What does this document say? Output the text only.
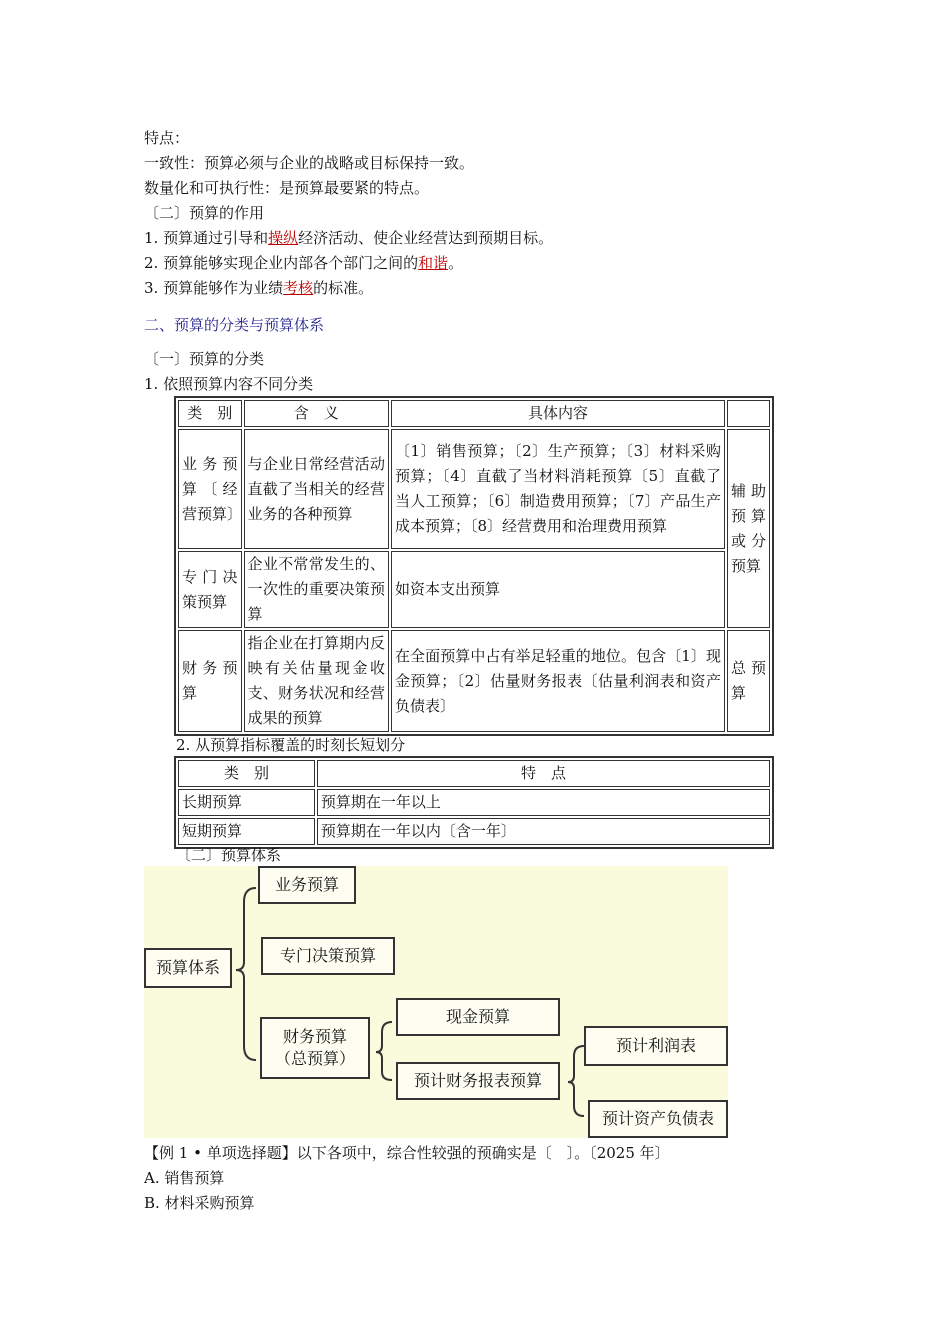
特点：
一致性：预算必须与企业的战略或目标保持一致。
数量化和可执行性：是预算最要紧的特点。
〔二〕预算的作用
1. 预算通过引导和操纵经济活动、使企业经营达到预期目标。
2. 预算能够实现企业内部各个部门之间的和谐。
3. 预算能够作为业绩考核的标准。
二、预算的分类与预算体系
〔一〕预算的分类
1. 依照预算内容不同分类
类　别	含　义	具体内容	
业务预算〔经营预算〕	与企业日常经营活动直截了当相关的经营业务的各种预算	〔1〕销售预算；〔2〕生产预算；〔3〕材料采购预算；〔4〕直截了当材料消耗预算〔5〕直截了当人工预算；〔6〕制造费用预算；〔7〕产品生产成本预算；〔8〕经营费用和治理费用预算	辅助预算或分预算
专门决策预算	企业不常常发生的、一次性的重要决策预算	如资本支出预算	
财务预算	指企业在打算期内反映有关估量现金收支、财务状况和经营成果的预算	在全面预算中占有举足轻重的地位。包含〔1〕现金预算；〔2〕估量财务报表〔估量利润表和资产负债表〕	总预算
2. 从预算指标覆盖的时刻长短划分
类　别	特　点
长期预算	预算期在一年以上
短期预算	预算期在一年以内〔含一年〕
〔二〕预算体系
预算体系
业务预算
专门决策预算
财务预算
（总预算）
现金预算
预计财务报表预算
预计利润表
预计资产负债表
【例 1 • 单项选择题】以下各项中，综合性较强的预确实是〔　〕。〔2025 年〕
A. 销售预算
B. 材料采购预算
